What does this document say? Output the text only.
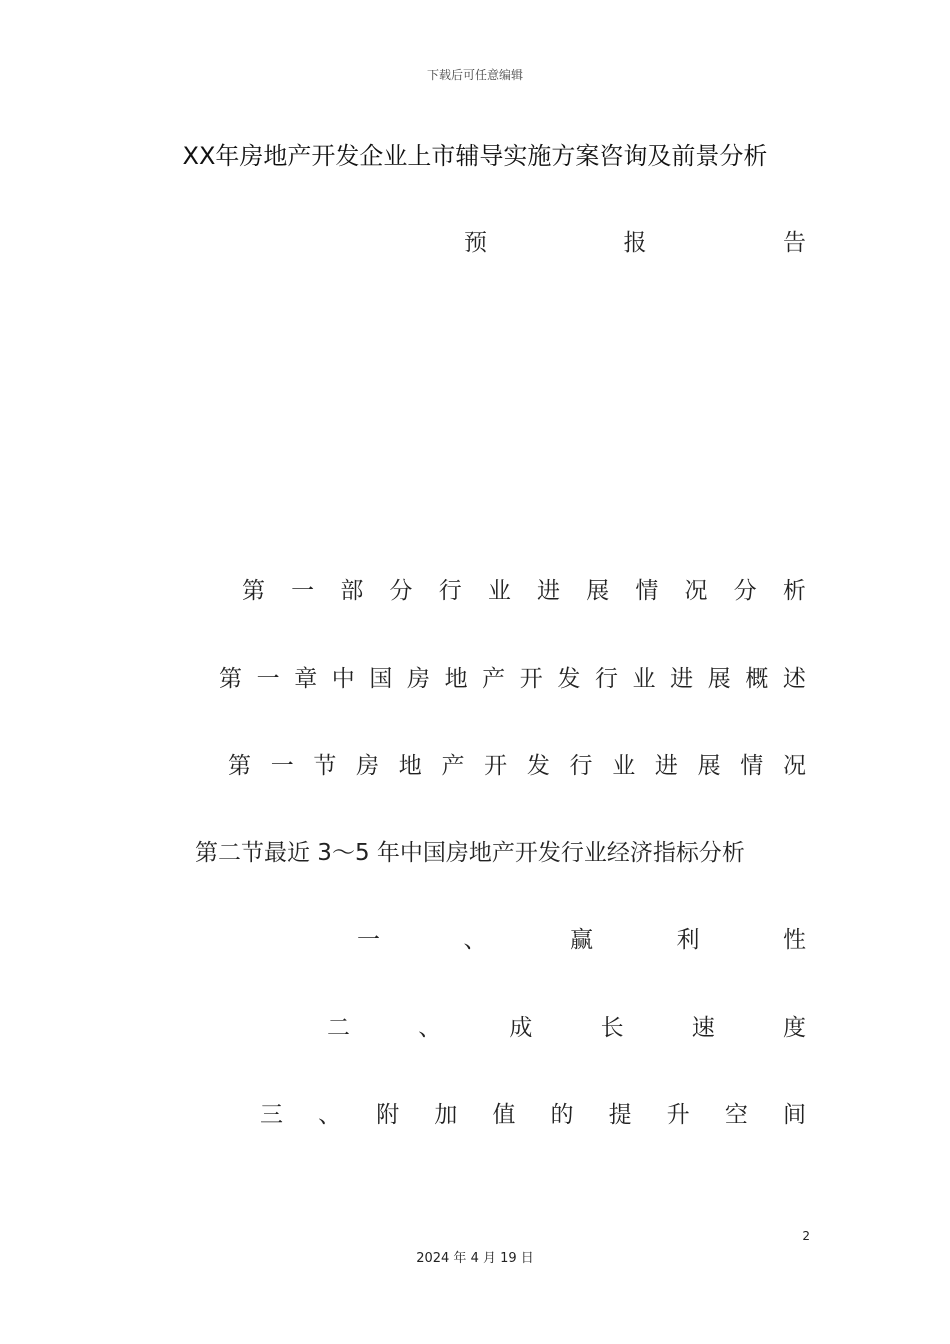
下载后可任意编辑
XX年房地产开发企业上市辅导实施方案咨询及前景分析
预	报	告
第 一 部 分 行 业 进 展 情 况 分 析
第 一 章 中 国 房 地 产 开 发 行 业 进 展 概 述
第 一 节 房 地 产 开 发 行 业 进 展 情 况
第二节最近 3～5 年中国房地产开发行业经济指标分析
一	、	赢	利	性
二	、	成	长	速	度
三 、 附 加 值 的 提 升 空 间
2
2024 年 4 月 19 日
